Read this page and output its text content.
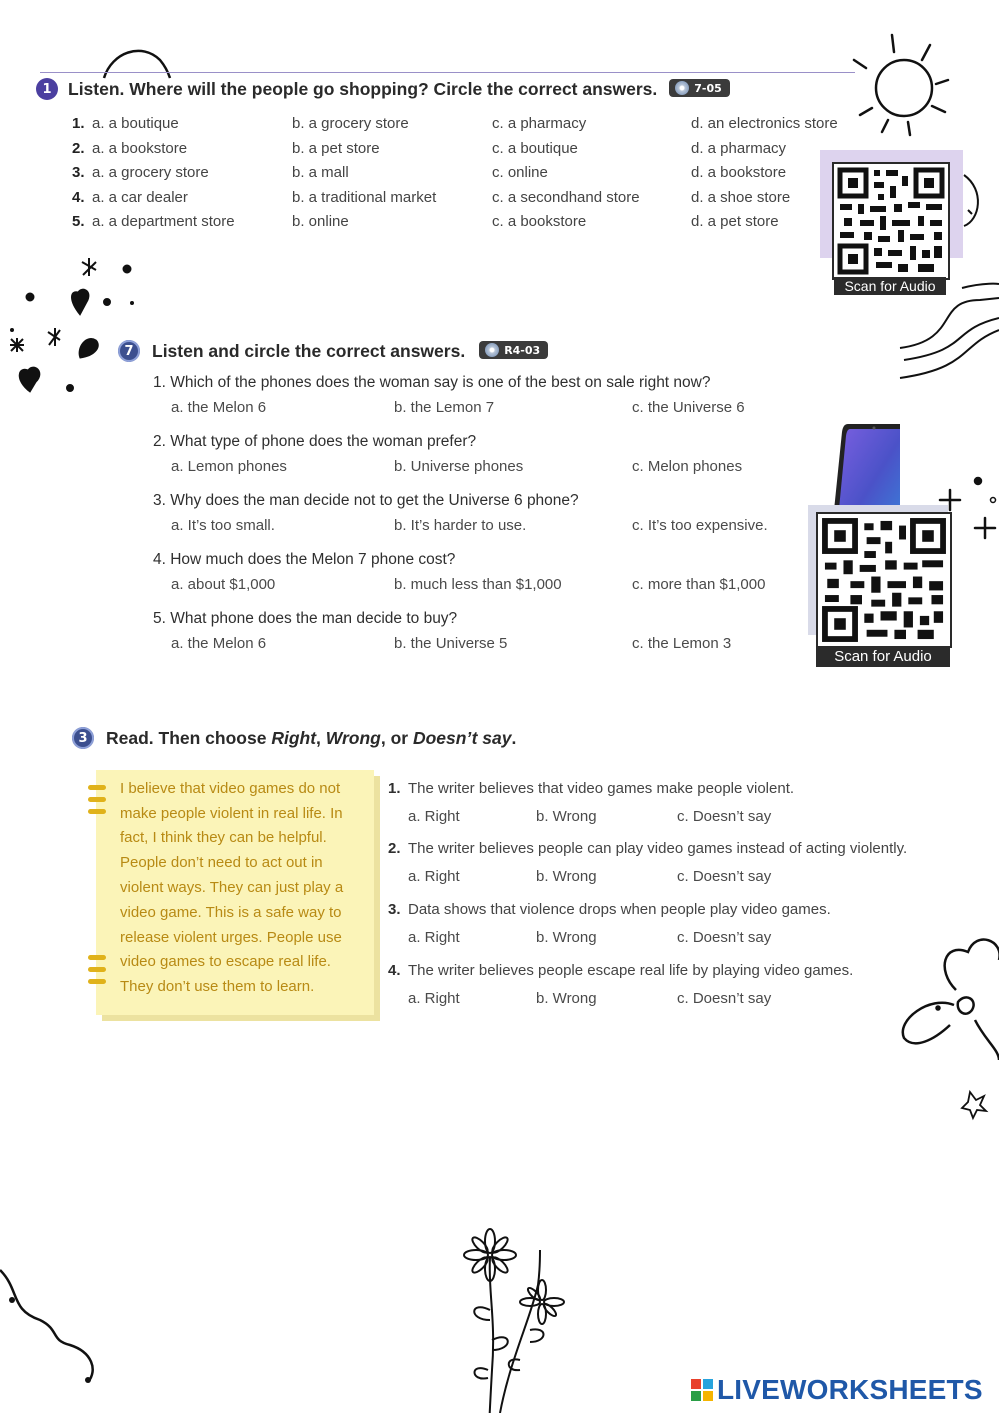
1 Listen. Where will the people go shopping? Circle the correct answers.	7-05
1. a. a boutique	b. a grocery store	c. a pharmacy	d. an electronics store
2. a. a bookstore	b. a pet store	c. a boutique	d. a pharmacy
3. a. a grocery store	b. a mall	c. online	d. a bookstore
4. a. a car dealer	b. a traditional market	c. a secondhand store	d. a shoe store
5. a. a department store	b. online	c. a bookstore	d. a pet store
Scan for Audio
7	Listen and circle the correct answers.	R4-03
1. Which of the phones does the woman say is one of the best on sale right now?
a. the Melon 6	b. the Lemon 7	c. the Universe 6
2. What type of phone does the woman prefer?
a. Lemon phones	b. Universe phones	c. Melon phones
3. Why does the man decide not to get the Universe 6 phone?
a. It’s too small.	b. It’s harder to use.	c. It’s too expensive.
4. How much does the Melon 7 phone cost?
a. about $1,000	b. much less than $1,000	c. more than $1,000
5. What phone does the man decide to buy?
a. the Melon 6	b. the Universe 5	c. the Lemon 3
Scan for Audio
3	Read. Then choose Right, Wrong, or Doesn’t say.
I believe that video games do not
make people violent in real life. In
fact, I think they can be helpful.
People don’t need to act out in
violent ways. They can just play a
video game. This is a safe way to
release violent urges. People use
video games to escape real life.
They don’t use them to learn.
1. The writer believes that video games make people violent.
a. Right	b. Wrong	c. Doesn’t say
2. The writer believes people can play video games instead of acting violently.
a. Right	b. Wrong	c. Doesn’t say
3. Data shows that violence drops when people play video games.
a. Right	b. Wrong	c. Doesn’t say
4. The writer believes people escape real life by playing video games.
a. Right	b. Wrong	c. Doesn’t say
LIVEWORKSHEETS
